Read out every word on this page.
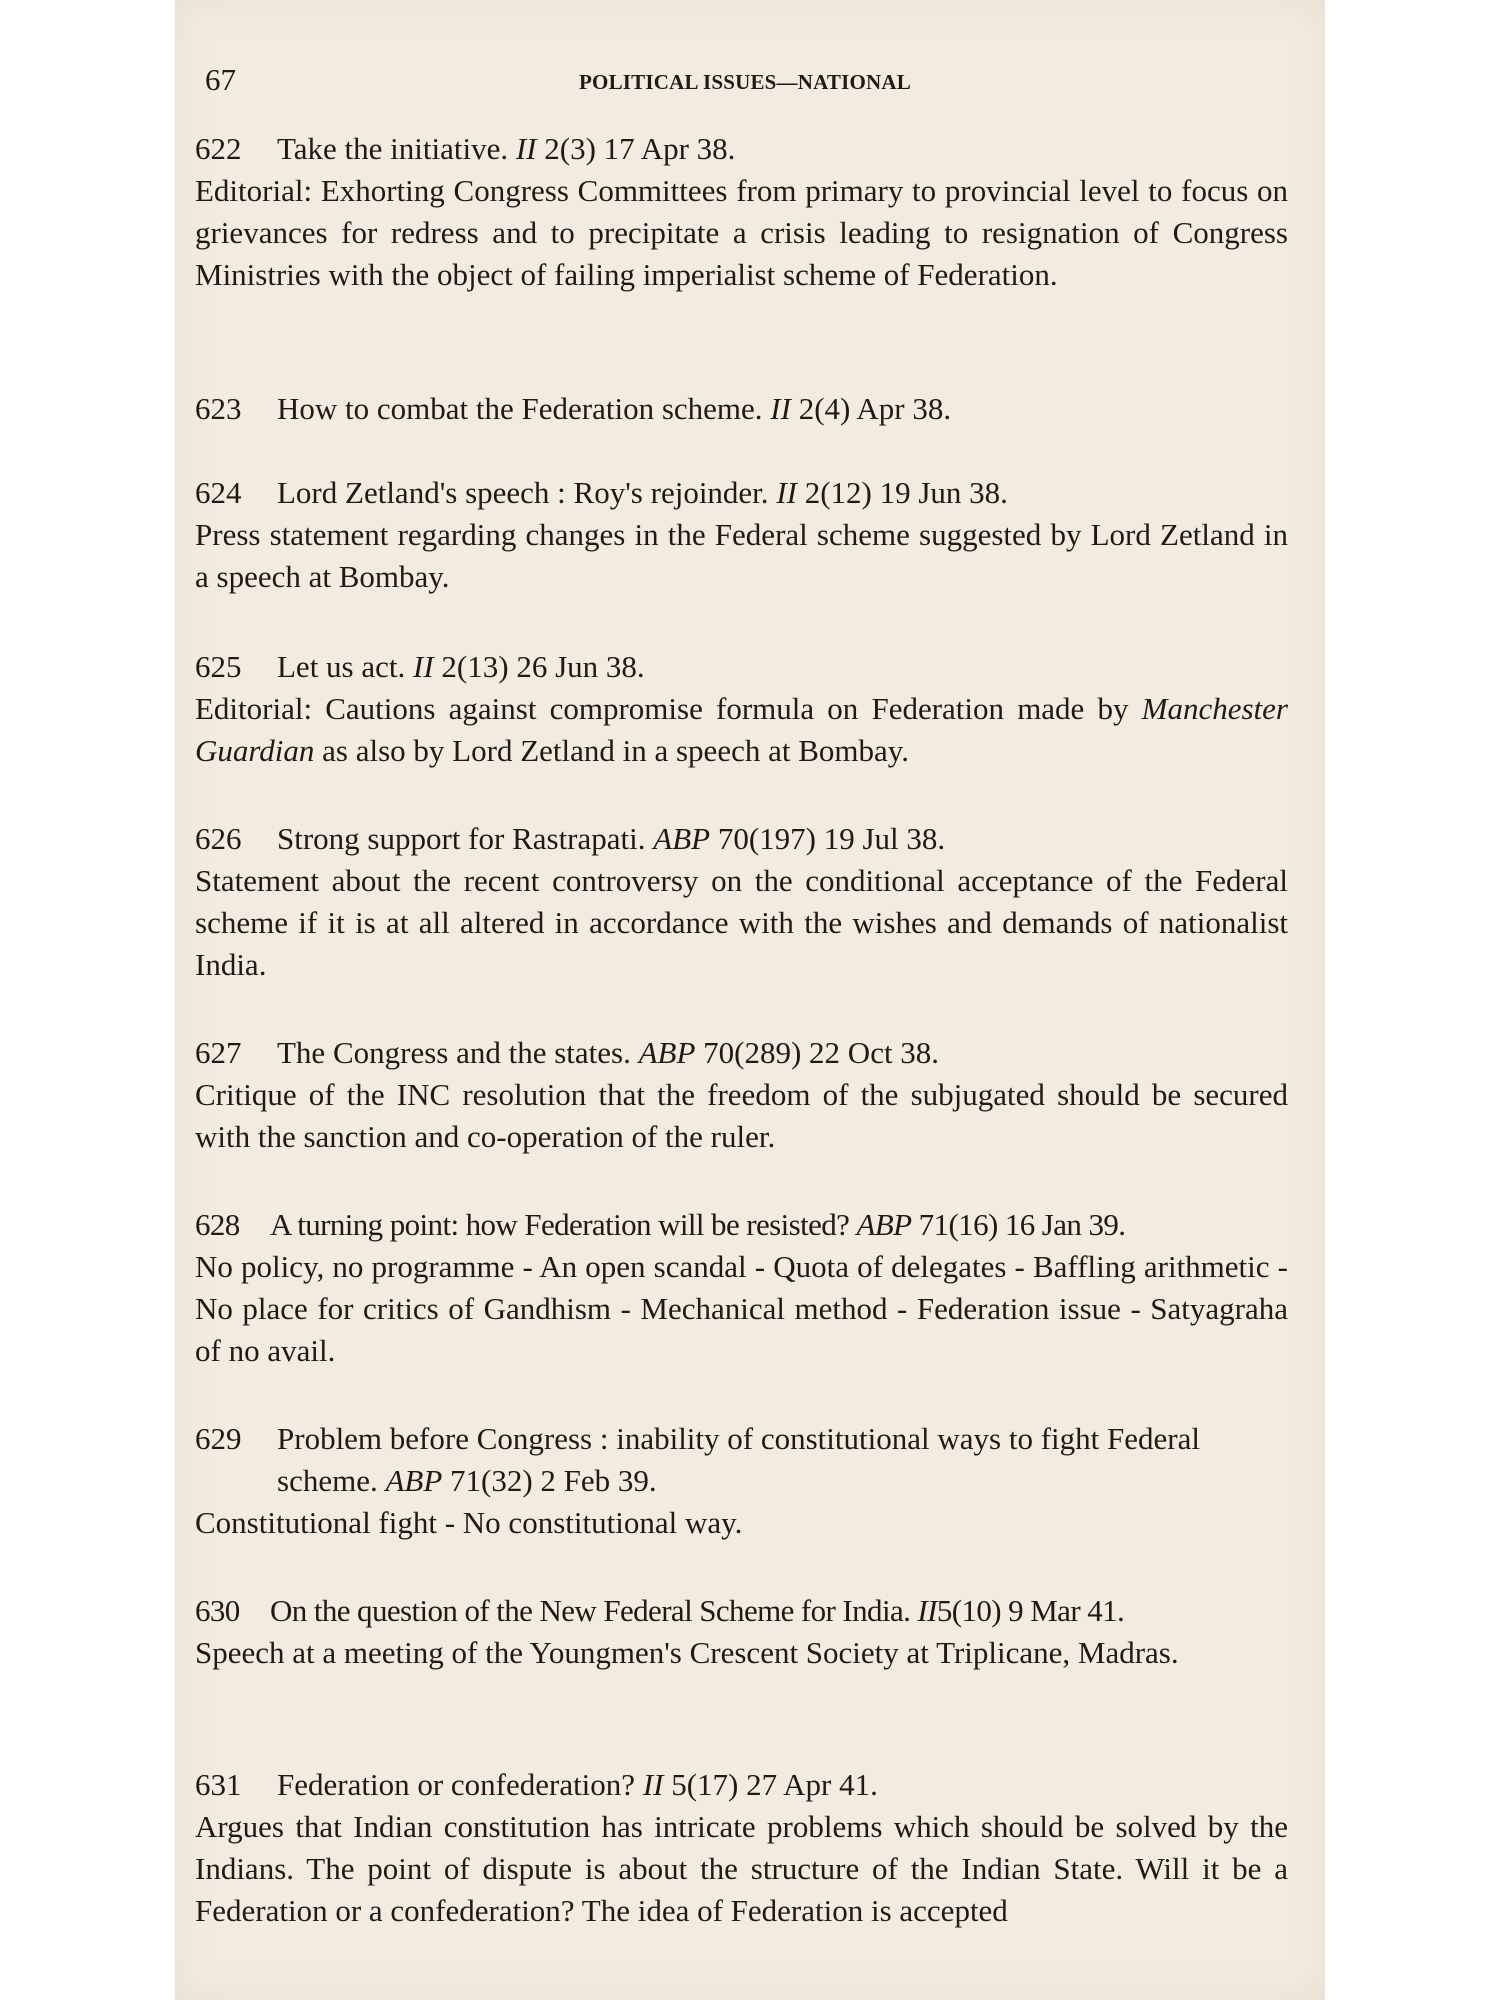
67	POLITICAL ISSUES—NATIONAL
622 Take the initiative. II 2(3) 17 Apr 38.
Editorial: Exhorting Congress Committees from primary to provincial level to focus on grievances for redress and to precipitate a crisis leading to resignation of Congress Ministries with the object of failing imperialist scheme of Federation.
623 How to combat the Federation scheme. II 2(4) Apr 38.
624 Lord Zetland's speech : Roy's rejoinder. II 2(12) 19 Jun 38.
Press statement regarding changes in the Federal scheme suggested by Lord Zetland in a speech at Bombay.
625 Let us act. II 2(13) 26 Jun 38.
Editorial: Cautions against compromise formula on Federation made by Manchester Guardian as also by Lord Zetland in a speech at Bombay.
626 Strong support for Rastrapati. ABP 70(197) 19 Jul 38.
Statement about the recent controversy on the conditional acceptance of the Federal scheme if it is at all altered in accordance with the wishes and demands of nationalist India.
627 The Congress and the states. ABP 70(289) 22 Oct 38.
Critique of the INC resolution that the freedom of the subjugated should be secured with the sanction and co-operation of the ruler.
628 A turning point: how Federation will be resisted? ABP 71(16) 16 Jan 39.
No policy, no programme - An open scandal - Quota of delegates - Baffling arithmetic - No place for critics of Gandhism - Mechanical method - Federation issue - Satyagraha of no avail.
629 Problem before Congress : inability of constitutional ways to fight Federal scheme. ABP 71(32) 2 Feb 39.
Constitutional fight - No constitutional way.
630 On the question of the New Federal Scheme for India. II5(10) 9 Mar 41.
Speech at a meeting of the Youngmen's Crescent Society at Triplicane, Madras.
631 Federation or confederation? II 5(17) 27 Apr 41.
Argues that Indian constitution has intricate problems which should be solved by the Indians. The point of dispute is about the structure of the Indian State. Will it be a Federation or a confederation? The idea of Federation is accepted
